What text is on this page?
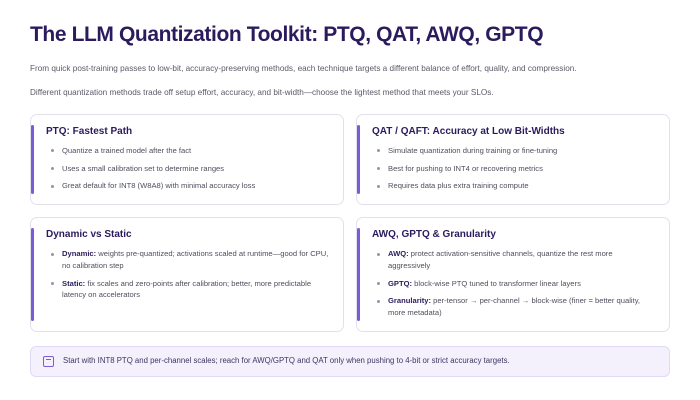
The LLM Quantization Toolkit: PTQ, QAT, AWQ, GPTQ

From quick post-training passes to low-bit, accuracy‑preserving methods, each technique targets a different balance of effort, quality, and compression.

Different quantization methods trade off setup effort, accuracy, and bit‑width—choose the lightest method that meets your SLOs.

PTQ: Fastest Path
Quantize a trained model after the fact
Uses a small calibration set to determine ranges
Great default for INT8 (W8A8) with minimal accuracy loss
QAT / QAFT: Accuracy at Low Bit-Widths
Simulate quantization during training or fine‑tuning
Best for pushing to INT4 or recovering metrics
Requires data plus extra training compute
Dynamic vs Static
Dynamic: weights pre‑quantized; activations scaled at runtime—good for CPU, no calibration step
Static: fix scales and zero‑points after calibration; better, more predictable latency on accelerators
AWQ, GPTQ & Granularity
AWQ: protect activation‑sensitive channels, quantize the rest more aggressively
GPTQ: block‑wise PTQ tuned to transformer linear layers
Granularity: per‑tensor → per‑channel → block‑wise (finer = better quality, more metadata)
Start with INT8 PTQ and per‑channel scales; reach for AWQ/GPTQ and QAT only when pushing to 4‑bit or strict accuracy targets.
